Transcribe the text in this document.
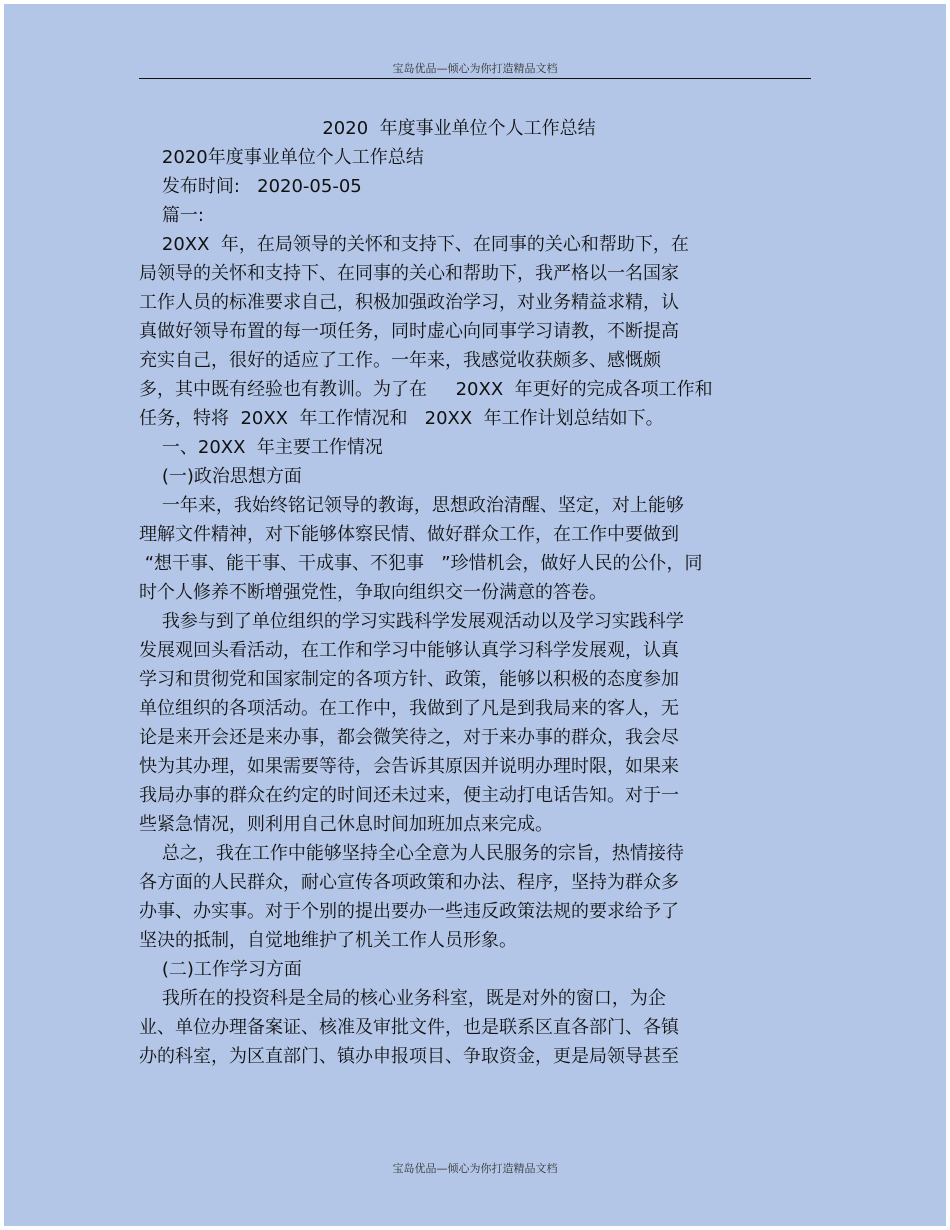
宝岛优品—倾心为你打造精品文档
2020  年度事业单位个人工作总结
2020年度事业单位个人工作总结
发布时间:   2020-05-05
篇一:
20XX  年，在局领导的关怀和支持下、在同事的关心和帮助下，在
局领导的关怀和支持下、在同事的关心和帮助下，我严格以一名国家
工作人员的标准要求自己，积极加强政治学习，对业务精益求精，认
真做好领导布置的每一项任务，同时虚心向同事学习请教，不断提高
充实自己，很好的适应了工作。一年来，我感觉收获颇多、感慨颇
多，其中既有经验也有教训。为了在     20XX  年更好的完成各项工作和
任务，特将  20XX  年工作情况和   20XX  年工作计划总结如下。
一、20XX  年主要工作情况
(一)政治思想方面
一年来，我始终铭记领导的教诲，思想政治清醒、坚定，对上能够
理解文件精神，对下能够体察民情、做好群众工作，在工作中要做到
“想干事、能干事、干成事、不犯事   ”珍惜机会，做好人民的公仆，同
时个人修养不断增强党性，争取向组织交一份满意的答卷。
我参与到了单位组织的学习实践科学发展观活动以及学习实践科学
发展观回头看活动，在工作和学习中能够认真学习科学发展观，认真
学习和贯彻党和国家制定的各项方针、政策，能够以积极的态度参加
单位组织的各项活动。在工作中，我做到了凡是到我局来的客人，无
论是来开会还是来办事，都会微笑待之，对于来办事的群众，我会尽
快为其办理，如果需要等待，会告诉其原因并说明办理时限，如果来
我局办事的群众在约定的时间还未过来，便主动打电话告知。对于一
些紧急情况，则利用自己休息时间加班加点来完成。
总之，我在工作中能够坚持全心全意为人民服务的宗旨，热情接待
各方面的人民群众，耐心宣传各项政策和办法、程序，坚持为群众多
办事、办实事。对于个别的提出要办一些违反政策法规的要求给予了
坚决的抵制，自觉地维护了机关工作人员形象。
(二)工作学习方面
我所在的投资科是全局的核心业务科室，既是对外的窗口，为企
业、单位办理备案证、核准及审批文件，也是联系区直各部门、各镇
办的科室，为区直部门、镇办申报项目、争取资金，更是局领导甚至
宝岛优品—倾心为你打造精品文档
